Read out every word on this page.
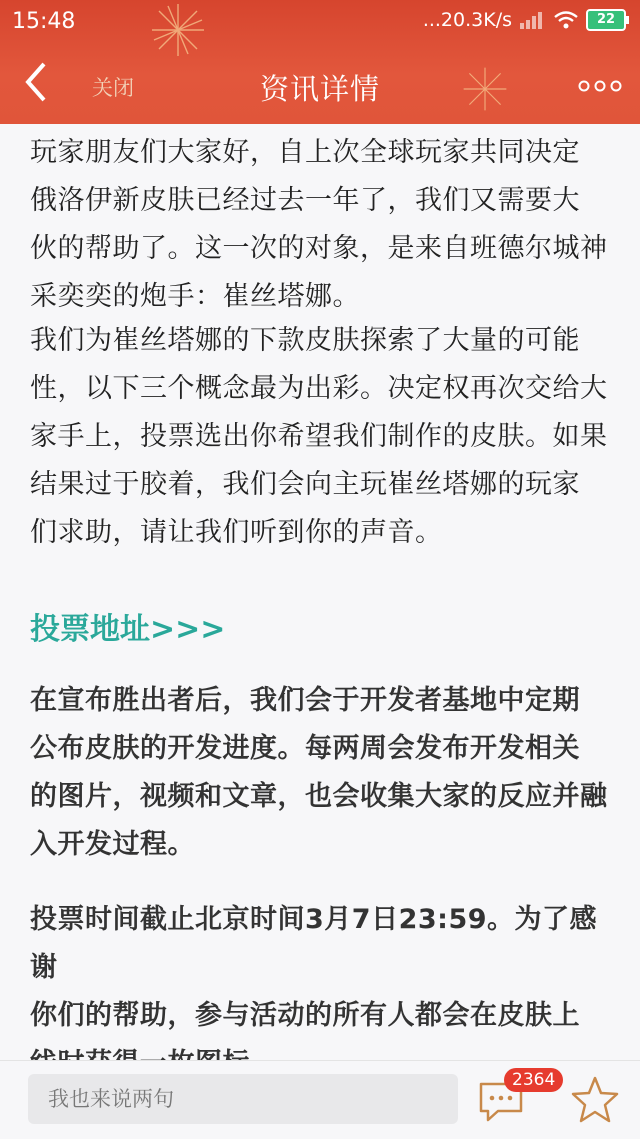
15:48	...20.3K/s	22
关闭	资讯详情

玩家朋友们大家好，自上次全球玩家共同决定
俄洛伊新皮肤已经过去一年了，我们又需要大
伙的帮助了。这一次的对象，是来自班德尔城神
采奕奕的炮手：崔丝塔娜。

我们为崔丝塔娜的下款皮肤探索了大量的可能
性，以下三个概念最为出彩。决定权再次交给大
家手上，投票选出你希望我们制作的皮肤。如果
结果过于胶着，我们会向主玩崔丝塔娜的玩家
们求助，请让我们听到你的声音。

投票地址>>>

在宣布胜出者后，我们会于开发者基地中定期
公布皮肤的开发进度。每两周会发布开发相关
的图片，视频和文章，也会收集大家的反应并融
入开发过程。

投票时间截止北京时间3月7日23:59。为了感谢
你们的帮助，参与活动的所有人都会在皮肤上

我也来说两句
2364
